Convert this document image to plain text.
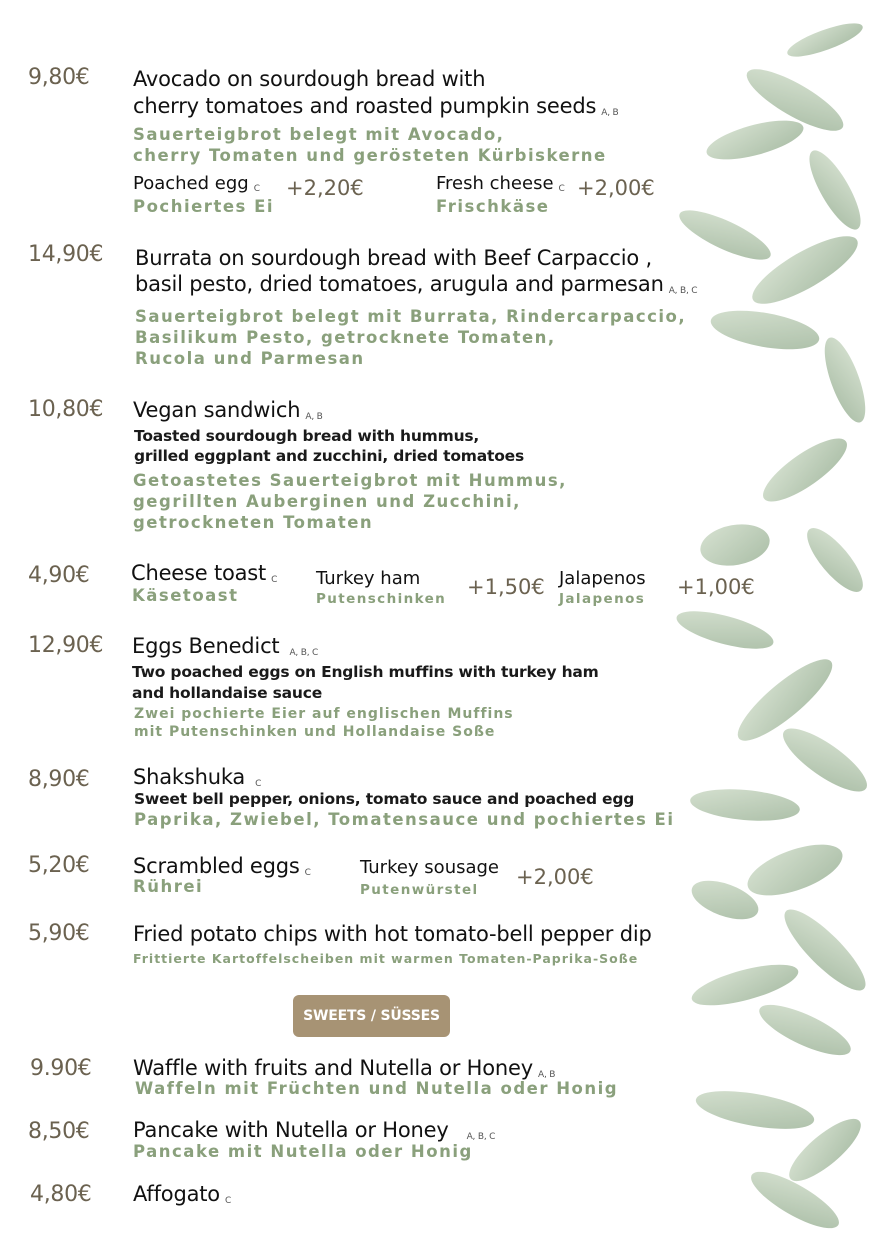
9,80€ Avocado on sourdough bread with
cherry tomatoes and roasted pumpkin seeds A, B
Sauerteigbrot belegt mit Avocado,
cherry Tomaten und gerösteten Kürbiskerne
Poached egg C +2,20€
Pochiertes Ei
Fresh cheese C +2,00€
Frischkäse
14,90€ Burrata on sourdough bread with Beef Carpaccio ,
basil pesto, dried tomatoes, arugula and parmesan A, B, C
Sauerteigbrot belegt mit Burrata, Rindercarpaccio,
Basilikum Pesto, getrocknete Tomaten,
Rucola und Parmesan
10,80€ Vegan sandwich A, B
Toasted sourdough bread with hummus,
grilled eggplant and zucchini, dried tomatoes
Getoastetes Sauerteigbrot mit Hummus,
gegrillten Auberginen und Zucchini,
getrockneten Tomaten
4,90€ Cheese toast C
Käsetoast
Turkey ham
Putenschinken +1,50€ Jalapenos
Jalapenos +1,00€
12,90€ Eggs Benedict A, B, C
Two poached eggs on English muffins with turkey ham
and hollandaise sauce
Zwei pochierte Eier auf englischen Muffins
mit Putenschinken und Hollandaise Soße
8,90€ Shakshuka C
Sweet bell pepper, onions, tomato sauce and poached egg
Paprika, Zwiebel, Tomatensauce und pochiertes Ei
5,20€ Scrambled eggs C
Rührei
Turkey sousage
Putenwürstel
+2,00€
5,90€ Fried potato chips with hot tomato-bell pepper dip
Frittierte Kartoffelscheiben mit warmen Tomaten-Paprika-Soße
SWEETS / SÜSSES
9.90€ Waffle with fruits and Nutella or Honey A, B
Waffeln mit Früchten und Nutella oder Honig
8,50€ Pancake with Nutella or Honey A, B, C
Pancake mit Nutella oder Honig
4,80€ Affogato C
